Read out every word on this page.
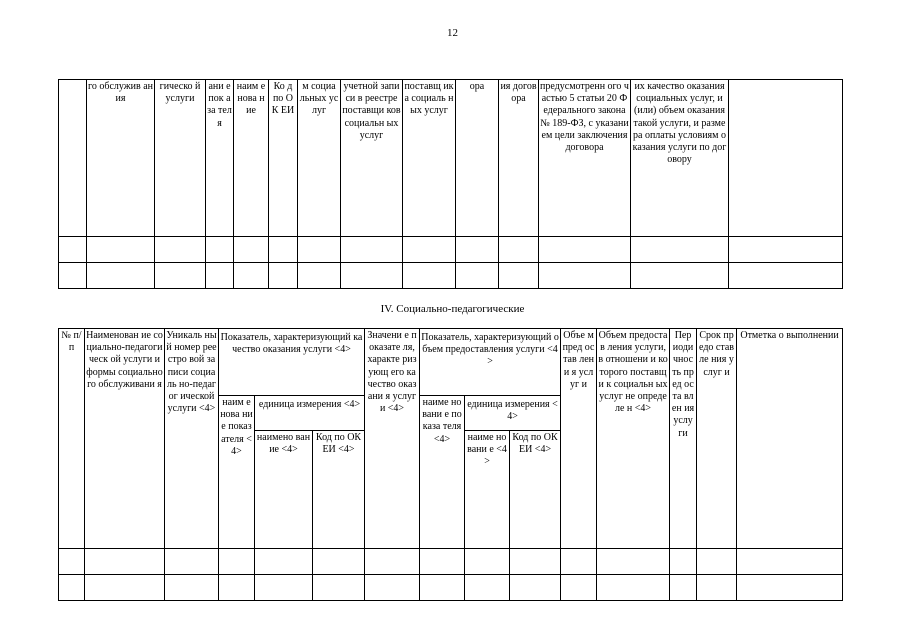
12
	го обслужив ания	гическо й услуги	ани е пок аза тел я	наим енова ние	Ко д по ОК ЕИ	м социа льных услуг	учетной записи в реестре поставщи ков социальн ых услуг	поставщ ика социаль ных услуг	ора	ия догов ора	предусмотренн ого частью 5 статьи 20 Федерального закона № 189-ФЗ, с указанием цели заключения договора	их качество оказания социальных услуг, и (или) объем оказания такой услуги, и размера оплаты условиям оказания услуги по договору	

IV. Социально-педагогические
№ п/п	Наименован ие социально-педагогическ ой услуги и формы социального обслуживани я	Уникаль ный номер реестро вой записи социаль но-педагог ической услуги <4>	Показатель, характеризующий качество оказания услуги <4>			Значени е показате ля, характе ризующ его качество оказани я услуги <4>	Показатель, характеризующий объем предоставления услуги <4>			Объе м пред остав лени я услуг и	Объем предостав ления услуги, в отношени и которого поставщи к социальн ых услуг не определе н <4>	Пер иоди чнос ть пред оста влен ия услу ги	Срок предо ставле ния услуг и	Отметка о выполнении
			наим енова ние показ ателя <4>	единица измерения <4>			наиме новани е показа теля <4>	единица измерения <4>						
				наимено вание <4>	Код по ОКЕИ <4>			наиме новани е <4>	Код по ОКЕИ <4>					
